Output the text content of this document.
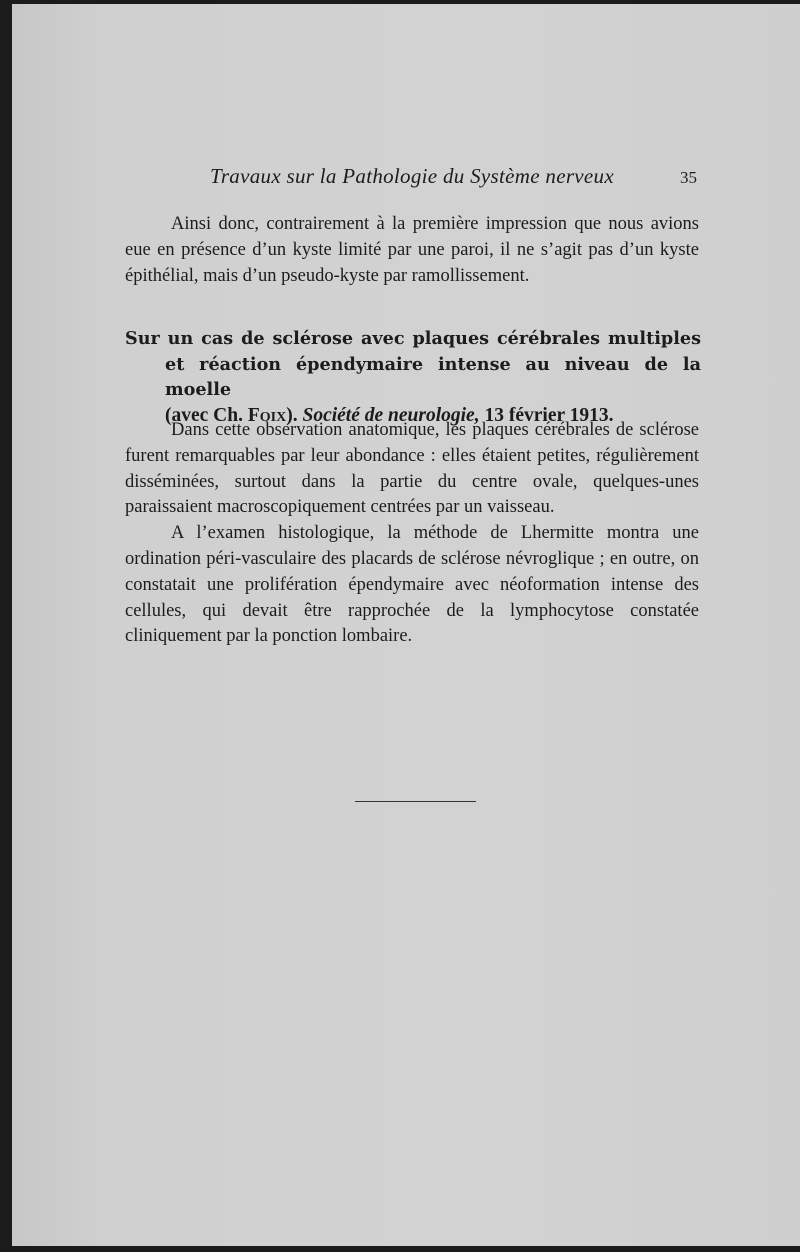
Travaux sur la Pathologie du Système nerveux	35

Ainsi donc, contrairement à la première impression que nous avions eue en présence d’un kyste limité par une paroi, il ne s’agit pas d’un kyste épithélial, mais d’un pseudo-kyste par ramollissement.

Sur un cas de sclérose avec plaques cérébrales multiples et réaction épendymaire intense au niveau de la moelle
(avec Ch. Foix). Société de neurologie, 13 février 1913.

Dans cette observation anatomique, les plaques cérébrales de sclérose furent remarquables par leur abondance : elles étaient petites, régulièrement disséminées, surtout dans la partie du centre ovale, quelques-unes paraissaient macroscopiquement centrées par un vaisseau.

A l’examen histologique, la méthode de Lhermitte montra une ordination péri-vasculaire des placards de sclérose névroglique ; en outre, on constatait une prolifération épendymaire avec néoformation intense des cellules, qui devait être rapprochée de la lymphocytose constatée cliniquement par la ponction lombaire.
